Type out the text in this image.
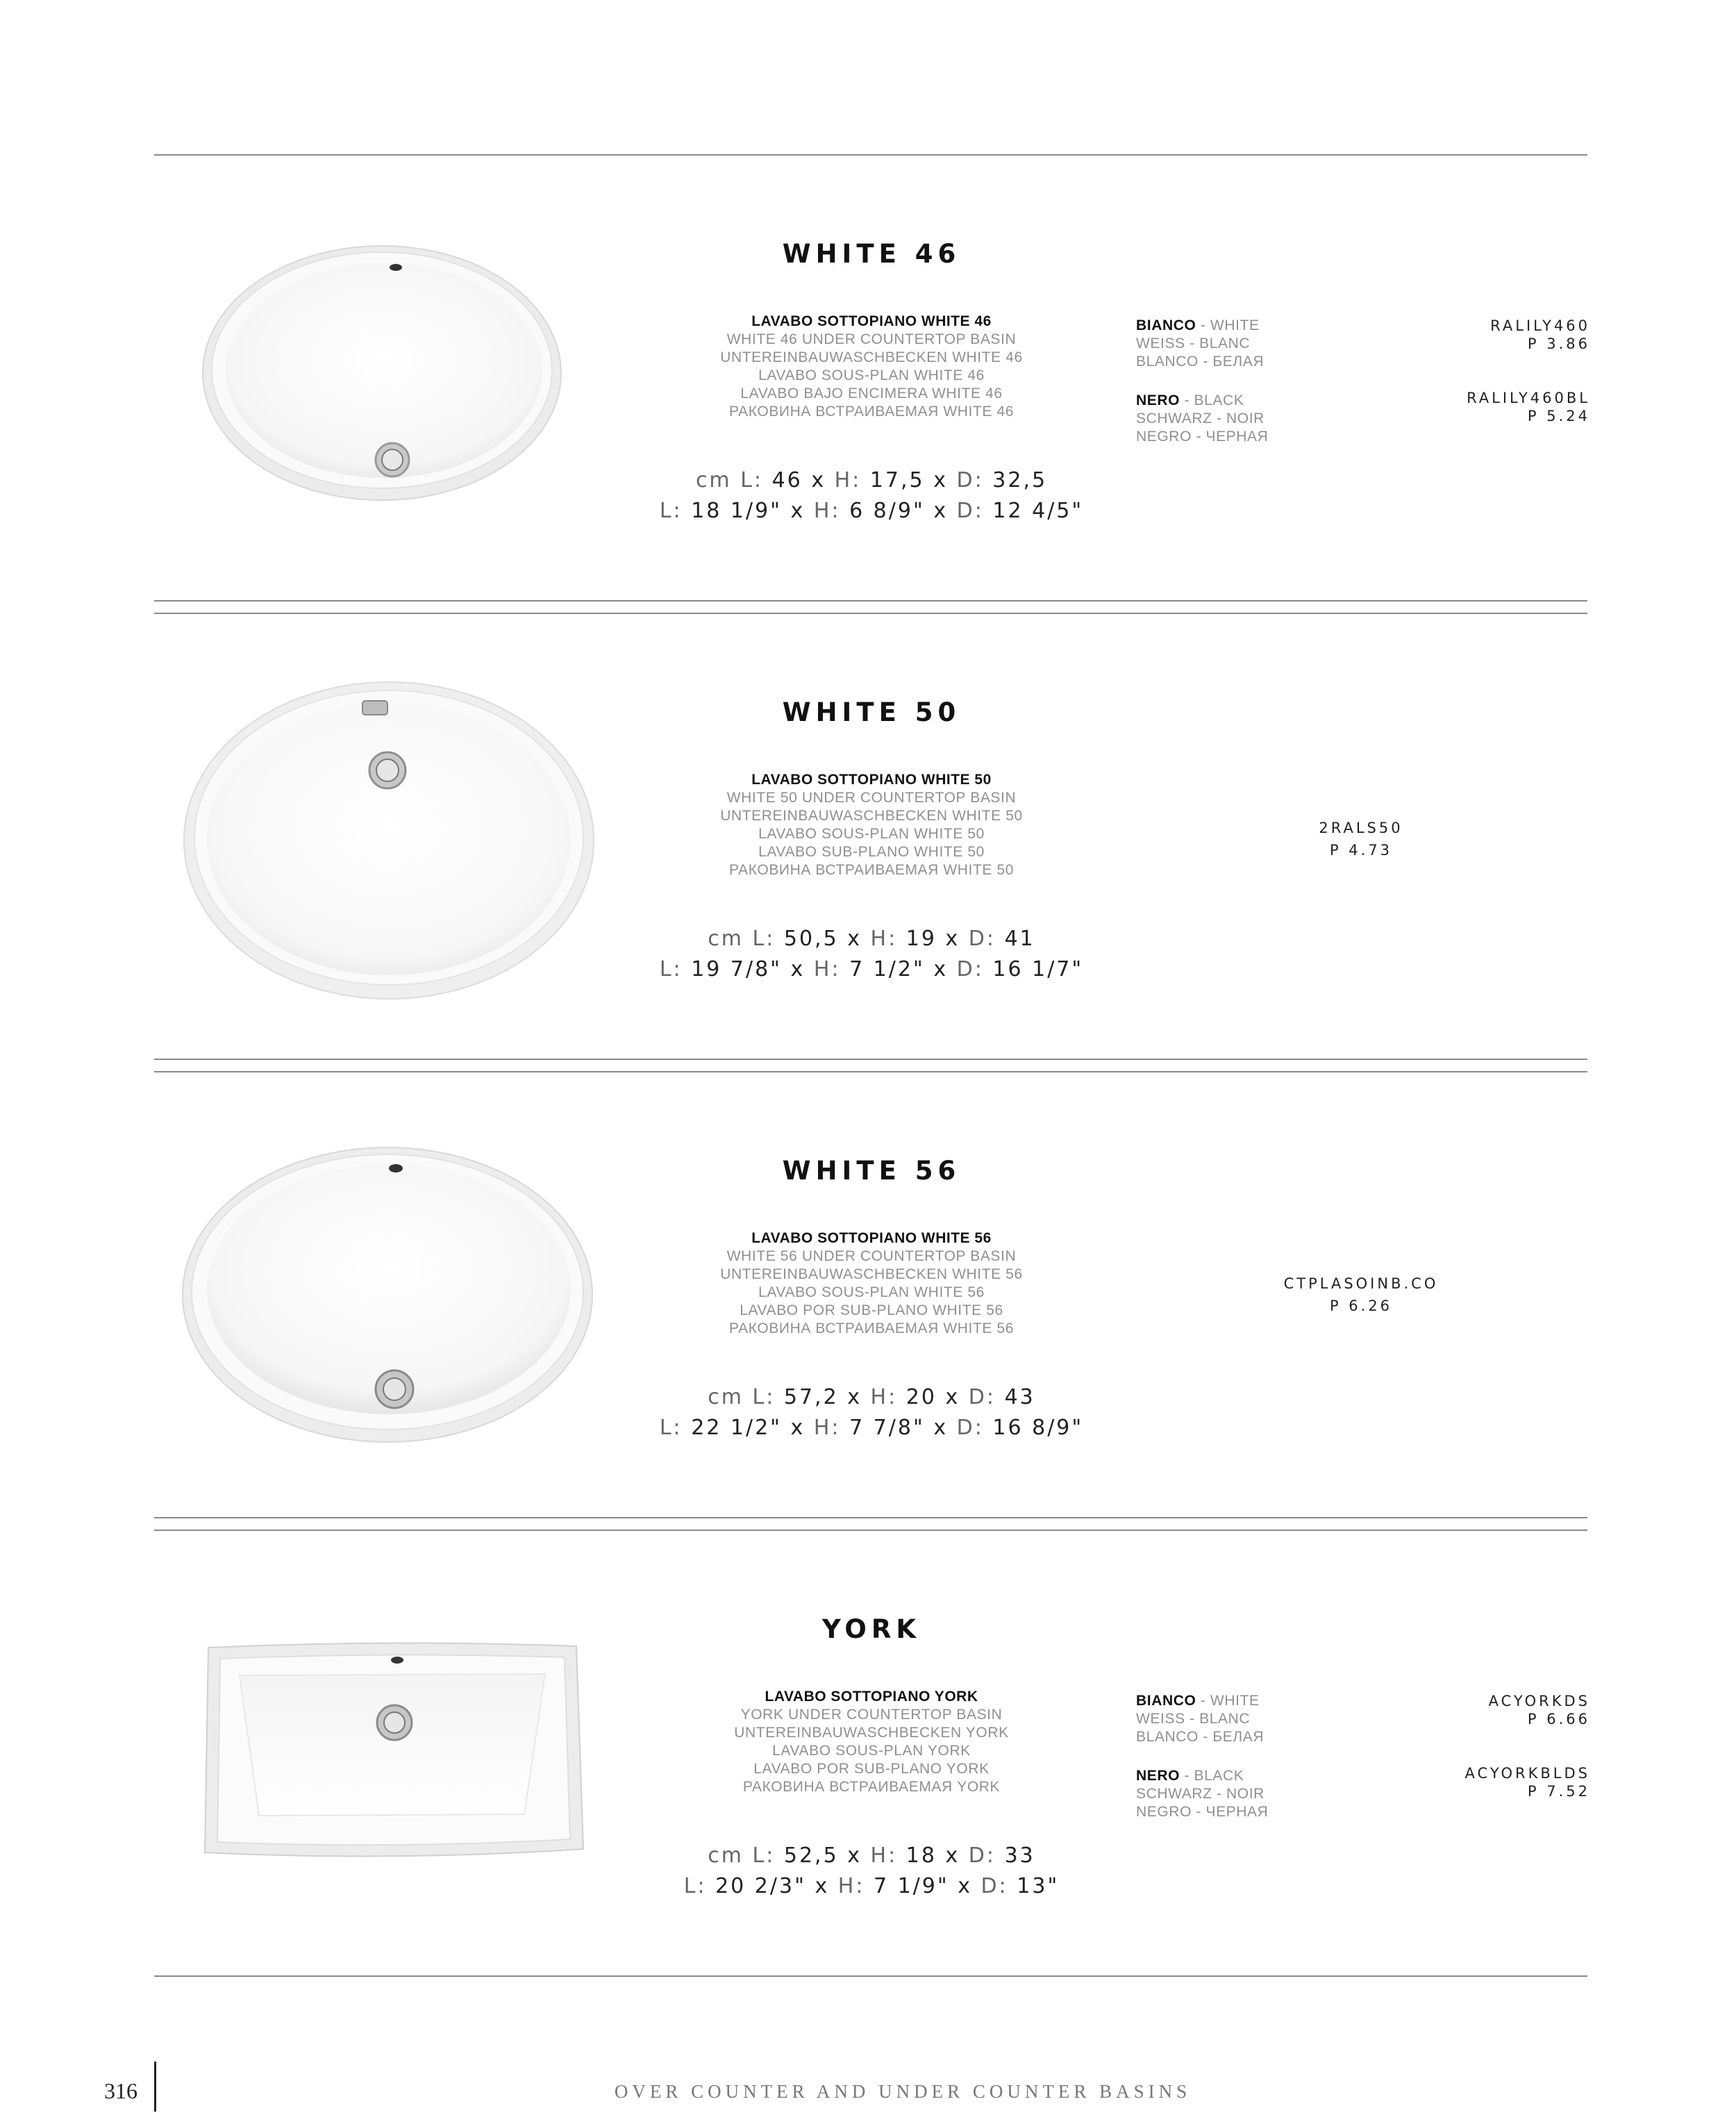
WHITE 46
LAVABO SOTTOPIANO WHITE 46
WHITE 46 UNDER COUNTERTOP BASIN
UNTEREINBAUWASCHBECKEN WHITE 46
LAVABO SOUS-PLAN WHITE 46
LAVABO BAJO ENCIMERA WHITE 46
РАКОВИНА ВСТРАИВАЕМАЯ WHITE 46
cm L: 46 x H: 17,5 x D: 32,5
L: 18 1/9" x H: 6 8/9" x D: 12 4/5"
BIANCO - WHITE
WEISS - BLANC
BLANCO - БЕЛАЯ
NERO - BLACK
SCHWARZ - NOIR
NEGRO - ЧЕРНАЯ
RALILY460
P 3.86
RALILY460BL
P 5.24
WHITE 50
LAVABO SOTTOPIANO WHITE 50
WHITE 50 UNDER COUNTERTOP BASIN
UNTEREINBAUWASCHBECKEN WHITE 50
LAVABO SOUS-PLAN WHITE 50
LAVABO SUB-PLANO WHITE 50
РАКОВИНА ВСТРАИВАЕМАЯ WHITE 50
cm L: 50,5 x H: 19 x D: 41
L: 19 7/8" x H: 7 1/2" x D: 16 1/7"
2RALS50
P 4.73
WHITE 56
LAVABO SOTTOPIANO WHITE 56
WHITE 56 UNDER COUNTERTOP BASIN
UNTEREINBAUWASCHBECKEN WHITE 56
LAVABO SOUS-PLAN WHITE 56
LAVABO POR SUB-PLANO WHITE 56
РАКОВИНА ВСТРАИВАЕМАЯ WHITE 56
cm L: 57,2 x H: 20 x D: 43
L: 22 1/2" x H: 7 7/8" x D: 16 8/9"
CTPLASOINB.CO
P 6.26
YORK
LAVABO SOTTOPIANO YORK
YORK UNDER COUNTERTOP BASIN
UNTEREINBAUWASCHBECKEN YORK
LAVABO SOUS-PLAN YORK
LAVABO POR SUB-PLANO YORK
РАКОВИНА ВСТРАИВАЕМАЯ YORK
cm L: 52,5 x H: 18 x D: 33
L: 20 2/3" x H: 7 1/9" x D: 13"
BIANCO - WHITE
WEISS - BLANC
BLANCO - БЕЛАЯ
NERO - BLACK
SCHWARZ - NOIR
NEGRO - ЧЕРНАЯ
ACYORKDS
P 6.66
ACYORKBLDS
P 7.52
316	OVER COUNTER AND UNDER COUNTER BASINS
